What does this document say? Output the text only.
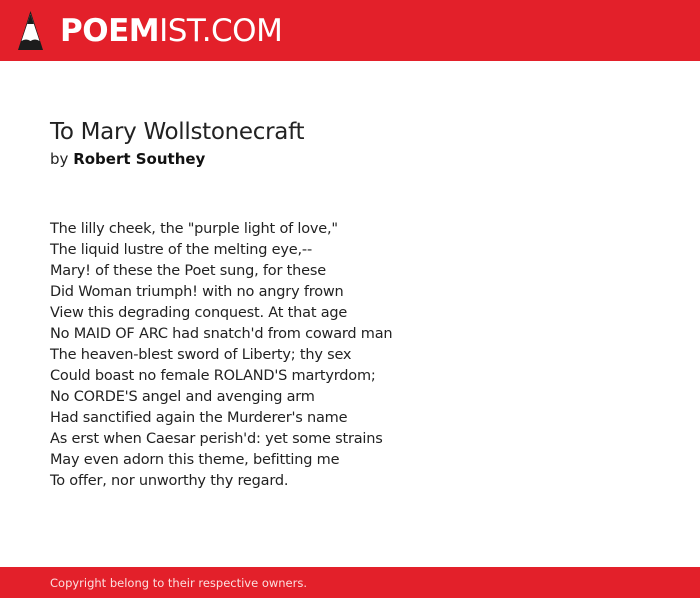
POEMIST.COM
To Mary Wollstonecraft
by Robert Southey
The lilly cheek, the "purple light of love,"
The liquid lustre of the melting eye,--
Mary! of these the Poet sung, for these
Did Woman triumph! with no angry frown
View this degrading conquest. At that age
No MAID OF ARC had snatch'd from coward man
The heaven-blest sword of Liberty; thy sex
Could boast no female ROLAND'S martyrdom;
No CORDE'S angel and avenging arm
Had sanctified again the Murderer's name
As erst when Caesar perish'd: yet some strains
May even adorn this theme, befitting me
To offer, nor unworthy thy regard.
Copyright belong to their respective owners.
